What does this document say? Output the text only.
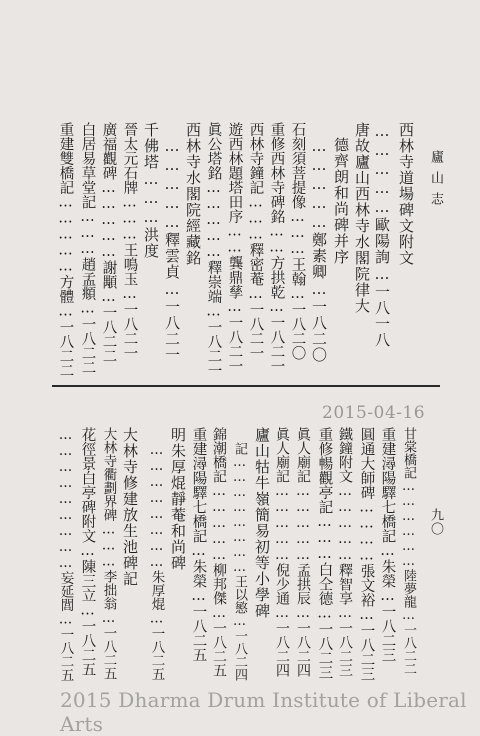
廬山志
九〇
西林寺道場碑文附文
……………歐陽詢…一八一八
唐故廬山西林寺水閣院律大
德齊朗和尚碑并序
……………鄭素卿…一八二〇
石刻須菩提像………王翰…一八二〇
重修西林寺碑銘……方拱乾…一八二一
西林寺鐘記………釋密菴…一八二一
遊西林題塔田序……龔鼎孳…一八二一
眞公塔銘……………釋崇端…一八二一
西林寺水閣院經藏銘
……………釋雲貞…一八二一
千佛塔………洪度
晉太元石牌………王鳴玉…一八二一
廣福觀碑……………謝顒…一八二二
白居易草堂記………趙孟頫…一八二二
重建雙橋記……………方體…一八二二
2015-04-16
甘棠橋記………………陸夢龍…一八二二
重建潯陽驛七橋記…朱榮…一八二三
圓通大師碑…………張文裕…一八二三
鐵鐘附文……………釋智享…一八二三
重修暢觀亭記………白仝德…一八二三
眞人廟記……………孟拱辰…一八二四
眞人廟記……………倪少通…一八二四
廬山牯牛嶺簡易初等小學碑
記……………………王以慜…一八二四
錦潮橋記……………柳邦傑…一八二五
重建潯陽驛七橋記…朱榮…一八二五
明朱厚焜靜菴和尚碑
……………………朱厚焜…一八二五
大林寺修建放生池碑記
大林寺衢劃界碑………李拙翁…一八二五
花徑景白亭碑附文…陳三立…一八二五
………………………妄延閭…一八二五
2015 Dharma Drum Institute of Liberal Arts
